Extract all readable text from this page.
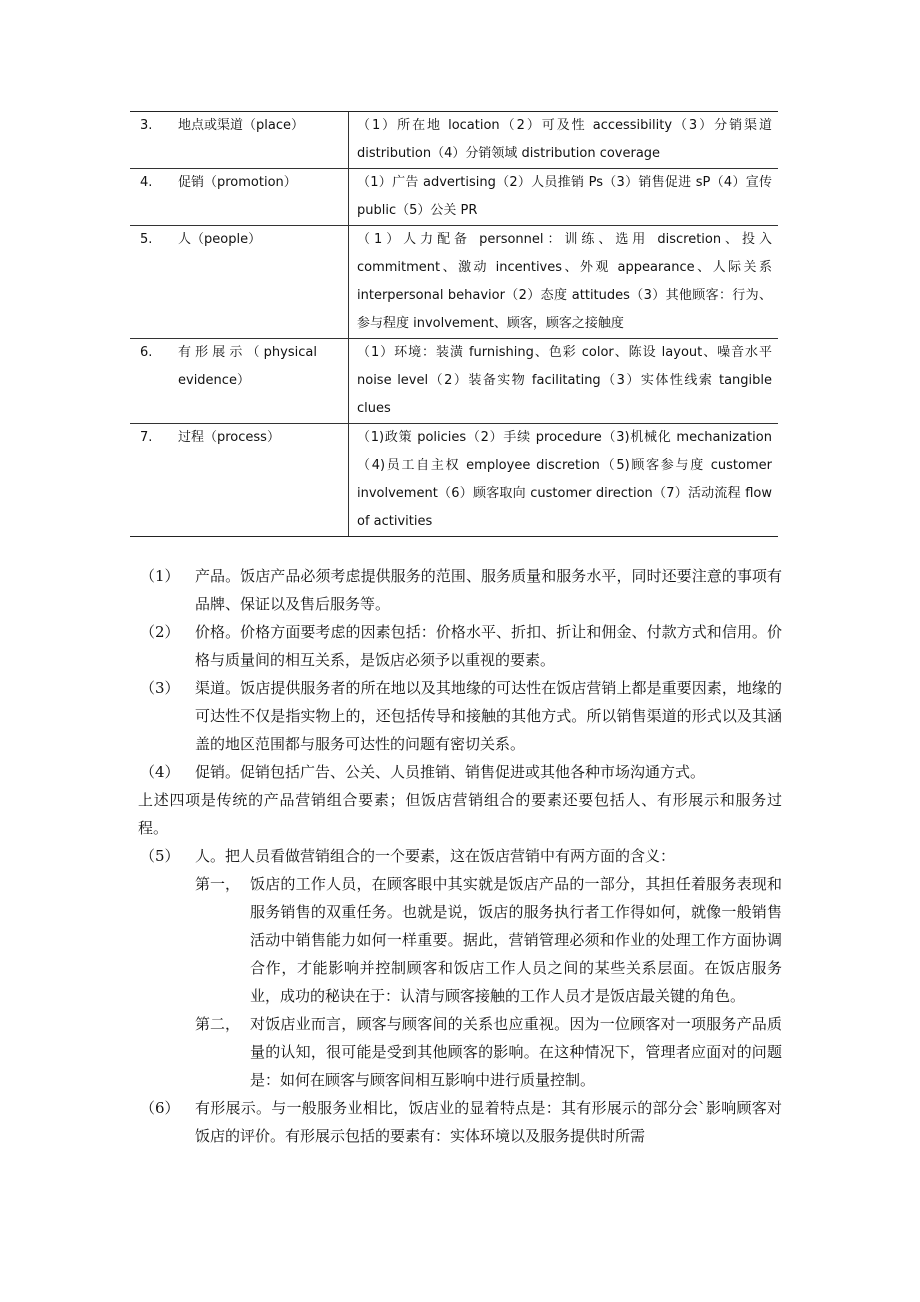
3.	地点或渠道（place）	（1）所在地 location（2）可及性 accessibility（3）分销渠道 distribution（4）分销领域 distribution coverage
4.	促销（promotion）	（1）广告 advertising（2）人员推销 Ps（3）销售促进 sP（4）宣传 public（5）公关 PR
5.	人（people）	（1）人力配备 personnel：训练、选用 discretion、投入 commitment、激动 incentives、外观 appearance、人际关系 interpersonal behavior（2）态度 attitudes（3）其他顾客：行为、参与程度 involvement、顾客，顾客之接触度
6.	有 形 展 示 （ physical evidence）	（1）环境：装潢 furnishing、色彩 color、陈设 layout、噪音水平 noise level（2）装备实物 facilitating（3）实体性线索 tangible clues
7.	过程（process）	（1)政策 policies（2）手续 procedure（3)机械化 mechanization（4)员工自主权 employee discretion（5)顾客参与度 customer involvement（6）顾客取向 customer direction（7）活动流程 flow of activities
（1）	产品。饭店产品必须考虑提供服务的范围、服务质量和服务水平，同时还要注意的事项有品牌、保证以及售后服务等。
（2）	价格。价格方面要考虑的因素包括：价格水平、折扣、折让和佣金、付款方式和信用。价格与质量间的相互关系，是饭店必须予以重视的要素。
（3）	渠道。饭店提供服务者的所在地以及其地缘的可达性在饭店营销上都是重要因素，地缘的可达性不仅是指实物上的，还包括传导和接触的其他方式。所以销售渠道的形式以及其涵盖的地区范围都与服务可达性的问题有密切关系。
（4）	促销。促销包括广告、公关、人员推销、销售促进或其他各种市场沟通方式。
上述四项是传统的产品营销组合要素；但饭店营销组合的要素还要包括人、有形展示和服务过程。
（5）	人。把人员看做营销组合的一个要素，这在饭店营销中有两方面的含义：
第一， 饭店的工作人员，在顾客眼中其实就是饭店产品的一部分，其担任着服务表现和服务销售的双重任务。也就是说，饭店的服务执行者工作得如何，就像一般销售活动中销售能力如何一样重要。据此，营销管理必须和作业的处理工作方面协调合作，才能影响并控制顾客和饭店工作人员之间的某些关系层面。在饭店服务业，成功的秘诀在于：认清与顾客接触的工作人员才是饭店最关键的角色。
第二， 对饭店业而言，顾客与顾客间的关系也应重视。因为一位顾客对一项服务产品质量的认知，很可能是受到其他顾客的影响。在这种情况下，管理者应面对的问题是：如何在顾客与顾客间相互影响中进行质量控制。
（6）	有形展示。与一般服务业相比，饭店业的显着特点是：其有形展示的部分会`影响顾客对饭店的评价。有形展示包括的要素有：实体环境以及服务提供时所需
